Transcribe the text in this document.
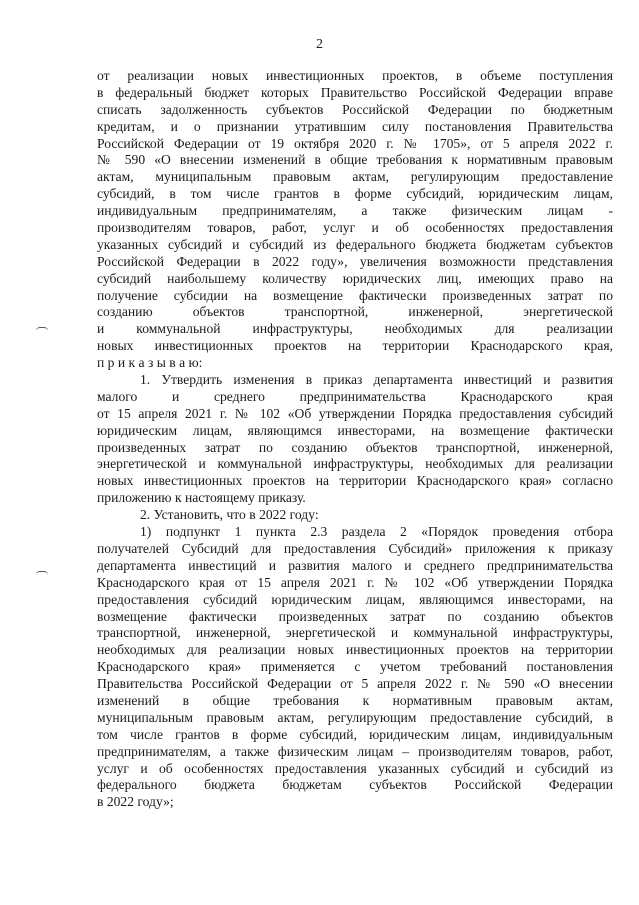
2
от реализации новых инвестиционных проектов, в объеме поступления
в федеральный бюджет которых Правительство Российской Федерации вправе
списать задолженность субъектов Российской Федерации по бюджетным
кредитам, и о признании утратившим силу постановления Правительства
Российской Федерации от 19 октября 2020 г. № 1705», от 5 апреля 2022 г.
№ 590 «О внесении изменений в общие требования к нормативным правовым
актам, муниципальным правовым актам, регулирующим предоставление
субсидий, в том числе грантов в форме субсидий, юридическим лицам,
индивидуальным предпринимателям, а также физическим лицам -
производителям товаров, работ, услуг и об особенностях предоставления
указанных субсидий и субсидий из федерального бюджета бюджетам субъектов
Российской Федерации в 2022 году», увеличения возможности представления
субсидий наибольшему количеству юридических лиц, имеющих право на
получение субсидии на возмещение фактически произведенных затрат по
созданию объектов транспортной, инженерной, энергетической
и коммунальной инфраструктуры, необходимых для реализации
новых инвестиционных проектов на территории Краснодарского края,
п р и к а з ы в а ю:
1. Утвердить изменения в приказ департамента инвестиций и развития
малого и среднего предпринимательства Краснодарского края
от 15 апреля 2021 г. № 102 «Об утверждении Порядка предоставления субсидий
юридическим лицам, являющимся инвесторами, на возмещение фактически
произведенных затрат по созданию объектов транспортной, инженерной,
энергетической и коммунальной инфраструктуры, необходимых для реализации
новых инвестиционных проектов на территории Краснодарского края» согласно
приложению к настоящему приказу.
2. Установить, что в 2022 году:
1) подпункт 1 пункта 2.3 раздела 2 «Порядок проведения отбора
получателей Субсидий для предоставления Субсидий» приложения к приказу
департамента инвестиций и развития малого и среднего предпринимательства
Краснодарского края от 15 апреля 2021 г. № 102 «Об утверждении Порядка
предоставления субсидий юридическим лицам, являющимся инвесторами, на
возмещение фактически произведенных затрат по созданию объектов
транспортной, инженерной, энергетической и коммунальной инфраструктуры,
необходимых для реализации новых инвестиционных проектов на территории
Краснодарского края» применяется с учетом требований постановления
Правительства Российской Федерации от 5 апреля 2022 г. № 590 «О внесении
изменений в общие требования к нормативным правовым актам,
муниципальным правовым актам, регулирующим предоставление субсидий, в
том числе грантов в форме субсидий, юридическим лицам, индивидуальным
предпринимателям, а также физическим лицам – производителям товаров, работ,
услуг и об особенностях предоставления указанных субсидий и субсидий из
федерального бюджета бюджетам субъектов Российской Федерации
в 2022 году»;
